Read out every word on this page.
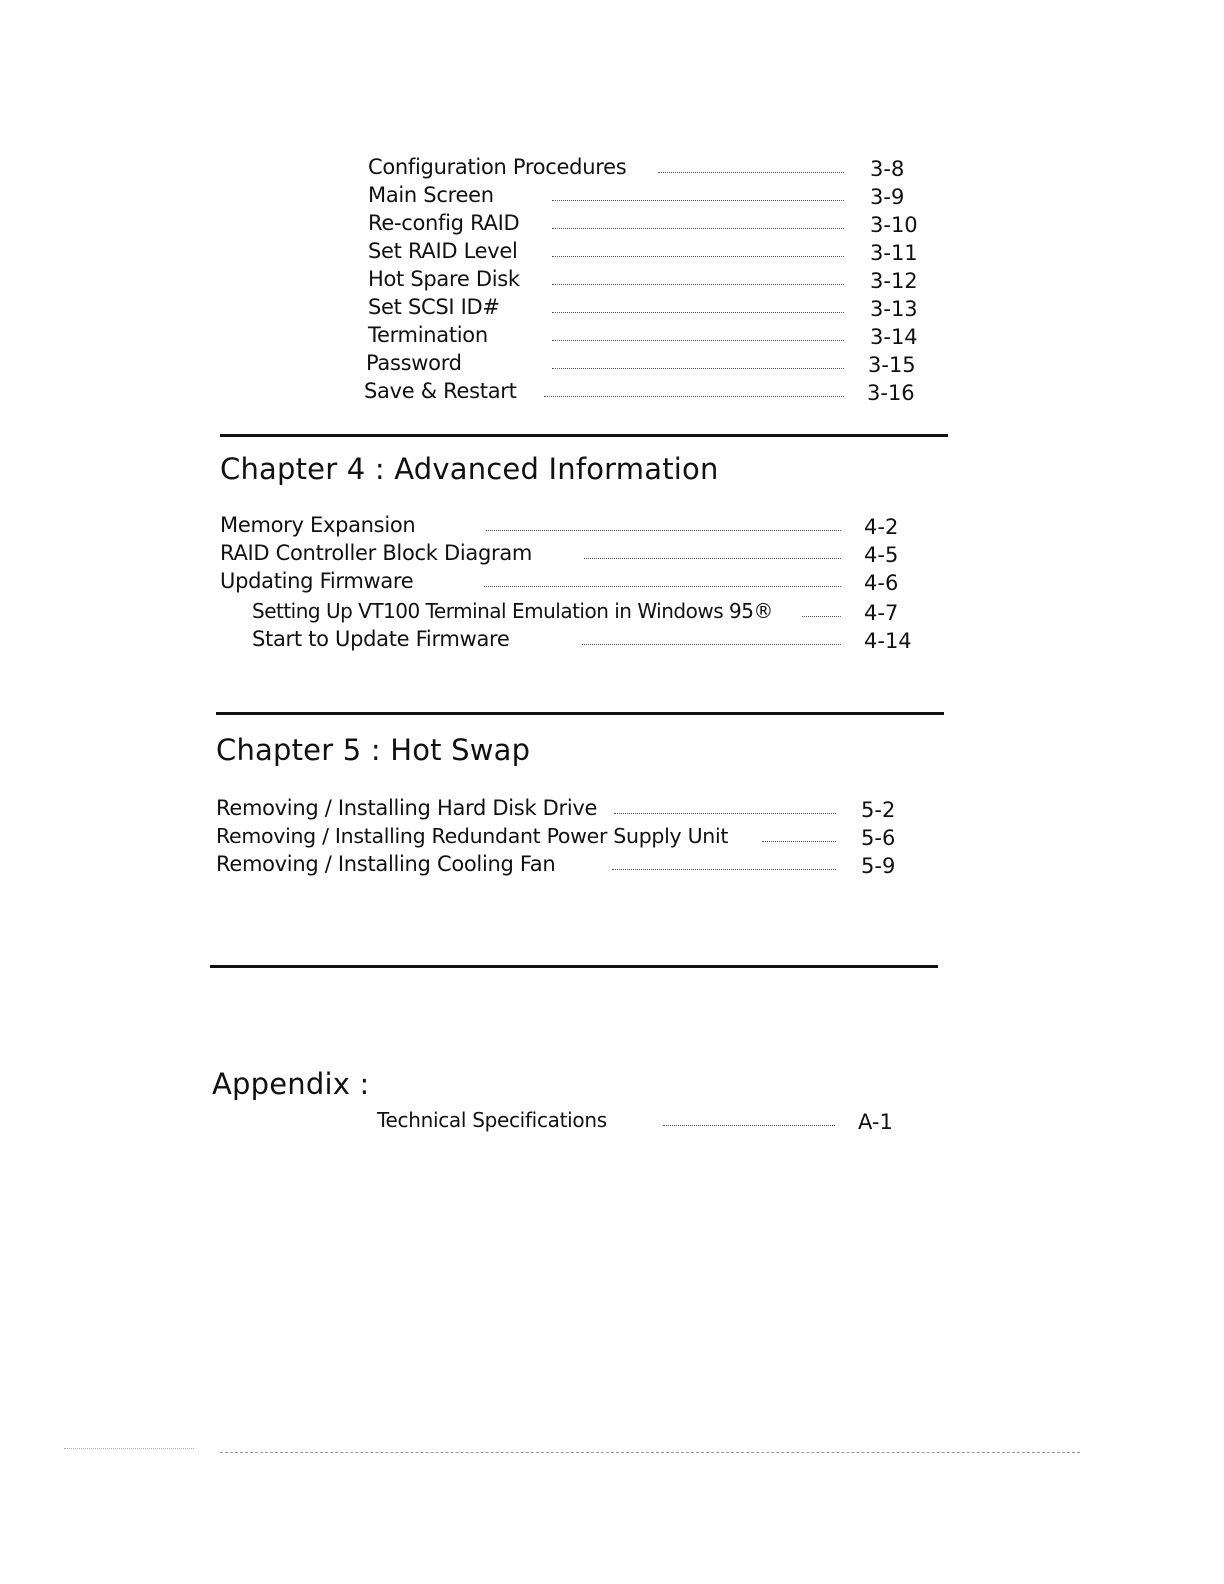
Configuration Procedures	3-8
Main Screen	3-9
Re-config RAID	3-10
Set RAID Level	3-11
Hot Spare Disk	3-12
Set SCSI ID#	3-13
Termination	3-14
Password	3-15
Save & Restart	3-16
Chapter 4 : Advanced Information
Memory Expansion	4-2
RAID Controller Block Diagram	4-5
Updating Firmware	4-6
Setting Up VT100 Terminal Emulation in Windows 95®	4-7
Start to Update Firmware	4-14
Chapter 5 : Hot Swap
Removing / Installing Hard Disk Drive	5-2
Removing / Installing Redundant Power Supply Unit	5-6
Removing / Installing Cooling Fan	5-9
Appendix :
Technical Specifications	A-1
